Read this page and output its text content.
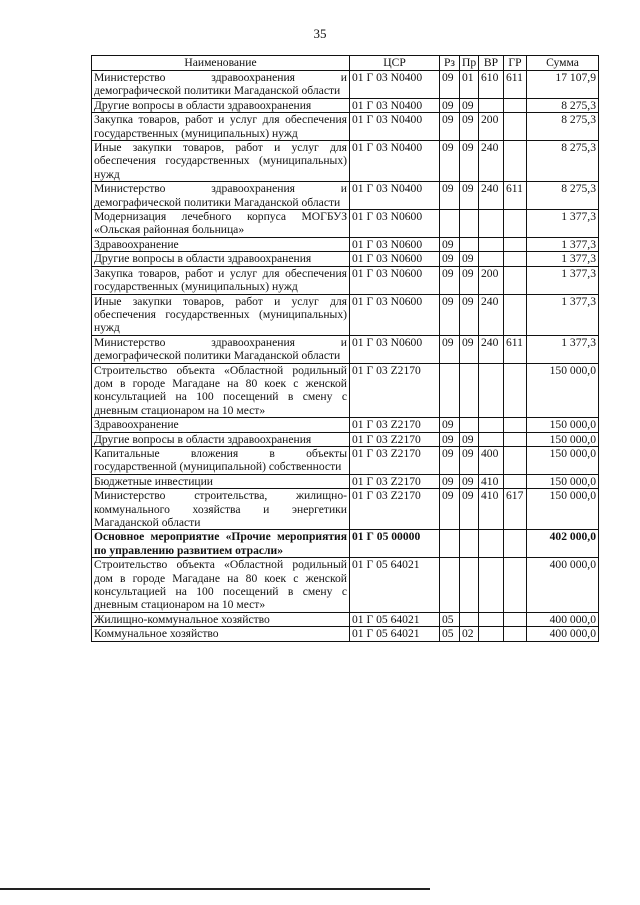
35
Наименование	ЦСР	Рз	Пр	ВР	ГР	Сумма
Министерство здравоохранения и демографической политики Магаданской области	01 Г 03 N0400	09	01	610	611	17 107,9
Другие вопросы в области здравоохранения	01 Г 03 N0400	09	09			8 275,3
Закупка товаров, работ и услуг для обеспечения государственных (муниципальных) нужд	01 Г 03 N0400	09	09	200		8 275,3
Иные закупки товаров, работ и услуг для обеспечения государственных (муниципальных) нужд	01 Г 03 N0400	09	09	240		8 275,3
Министерство здравоохранения и демографической политики Магаданской области	01 Г 03 N0400	09	09	240	611	8 275,3
Модернизация лечебного корпуса МОГБУЗ «Ольская районная больница»	01 Г 03 N0600					1 377,3
Здравоохранение	01 Г 03 N0600	09				1 377,3
Другие вопросы в области здравоохранения	01 Г 03 N0600	09	09			1 377,3
Закупка товаров, работ и услуг для обеспечения государственных (муниципальных) нужд	01 Г 03 N0600	09	09	200		1 377,3
Иные закупки товаров, работ и услуг для обеспечения государственных (муниципальных) нужд	01 Г 03 N0600	09	09	240		1 377,3
Министерство здравоохранения и демографической политики Магаданской области	01 Г 03 N0600	09	09	240	611	1 377,3
Строительство объекта «Областной родильный дом в городе Магадане на 80 коек с женской консультацией на 100 посещений в смену с дневным стационаром на 10 мест»	01 Г 03 Z2170					150 000,0
Здравоохранение	01 Г 03 Z2170	09				150 000,0
Другие вопросы в области здравоохранения	01 Г 03 Z2170	09	09			150 000,0
Капитальные вложения в объекты государственной (муниципальной) собственности	01 Г 03 Z2170	09	09	400		150 000,0
Бюджетные инвестиции	01 Г 03 Z2170	09	09	410		150 000,0
Министерство строительства, жилищно-коммунального хозяйства и энергетики Магаданской области	01 Г 03 Z2170	09	09	410	617	150 000,0
Основное мероприятие «Прочие мероприятия по управлению развитием отрасли»	01 Г 05 00000					402 000,0
Строительство объекта «Областной родильный дом в городе Магадане на 80 коек с женской консультацией на 100 посещений в смену с дневным стационаром на 10 мест»	01 Г 05 64021					400 000,0
Жилищно-коммунальное хозяйство	01 Г 05 64021	05				400 000,0
Коммунальное хозяйство	01 Г 05 64021	05	02			400 000,0
